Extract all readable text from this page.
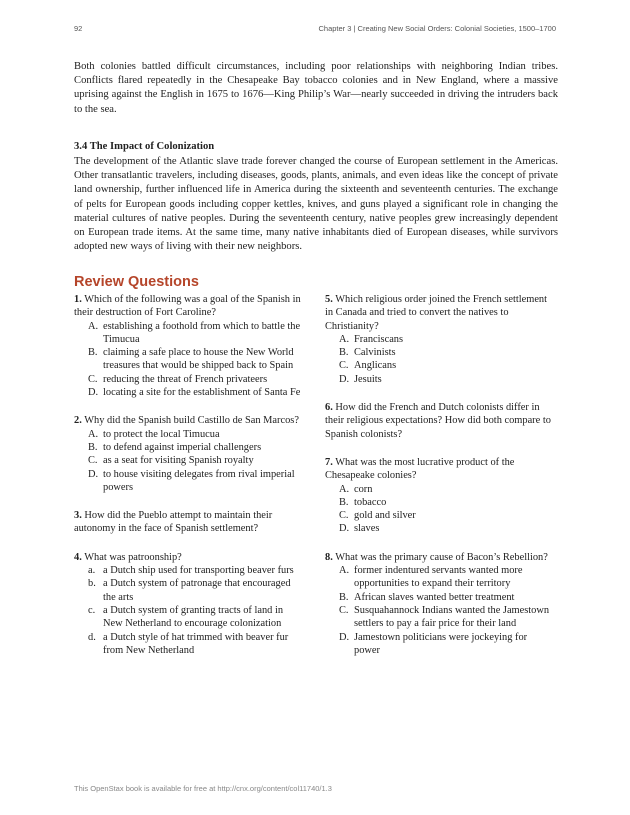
92	Chapter 3 | Creating New Social Orders: Colonial Societies, 1500–1700

Both colonies battled difficult circumstances, including poor relationships with neighboring Indian tribes. Conflicts flared repeatedly in the Chesapeake Bay tobacco colonies and in New England, where a massive uprising against the English in 1675 to 1676—King Philip’s War—nearly succeeded in driving the intruders back to the sea.

3.4 The Impact of Colonization

The development of the Atlantic slave trade forever changed the course of European settlement in the Americas. Other transatlantic travelers, including diseases, goods, plants, animals, and even ideas like the concept of private land ownership, further influenced life in America during the sixteenth and seventeenth centuries. The exchange of pelts for European goods including copper kettles, knives, and guns played a significant role in changing the material cultures of native peoples. During the seventeenth century, native peoples grew increasingly dependent on European trade items. At the same time, many native inhabitants died of European diseases, while survivors adopted new ways of living with their new neighbors.

Review Questions

1. Which of the following was a goal of the Spanish in their destruction of Fort Caroline?

A. establishing a foothold from which to battle the Timucua
B. claiming a safe place to house the New World treasures that would be shipped back to Spain
C. reducing the threat of French privateers
D. locating a site for the establishment of Santa Fe

2. Why did the Spanish build Castillo de San Marcos?

A. to protect the local Timucua
B. to defend against imperial challengers
C. as a seat for visiting Spanish royalty
D. to house visiting delegates from rival imperial powers

3. How did the Pueblo attempt to maintain their autonomy in the face of Spanish settlement?

4. What was patroonship?

a. a Dutch ship used for transporting beaver furs
b. a Dutch system of patronage that encouraged the arts
c. a Dutch system of granting tracts of land in New Netherland to encourage colonization
d. a Dutch style of hat trimmed with beaver fur from New Netherland

5. Which religious order joined the French settlement in Canada and tried to convert the natives to Christianity?

A. Franciscans
B. Calvinists
C. Anglicans
D. Jesuits

6. How did the French and Dutch colonists differ in their religious expectations? How did both compare to Spanish colonists?

7. What was the most lucrative product of the Chesapeake colonies?

A. corn
B. tobacco
C. gold and silver
D. slaves

8. What was the primary cause of Bacon’s Rebellion?

A. former indentured servants wanted more opportunities to expand their territory
B. African slaves wanted better treatment
C. Susquahannock Indians wanted the Jamestown settlers to pay a fair price for their land
D. Jamestown politicians were jockeying for power
This OpenStax book is available for free at http://cnx.org/content/col11740/1.3
